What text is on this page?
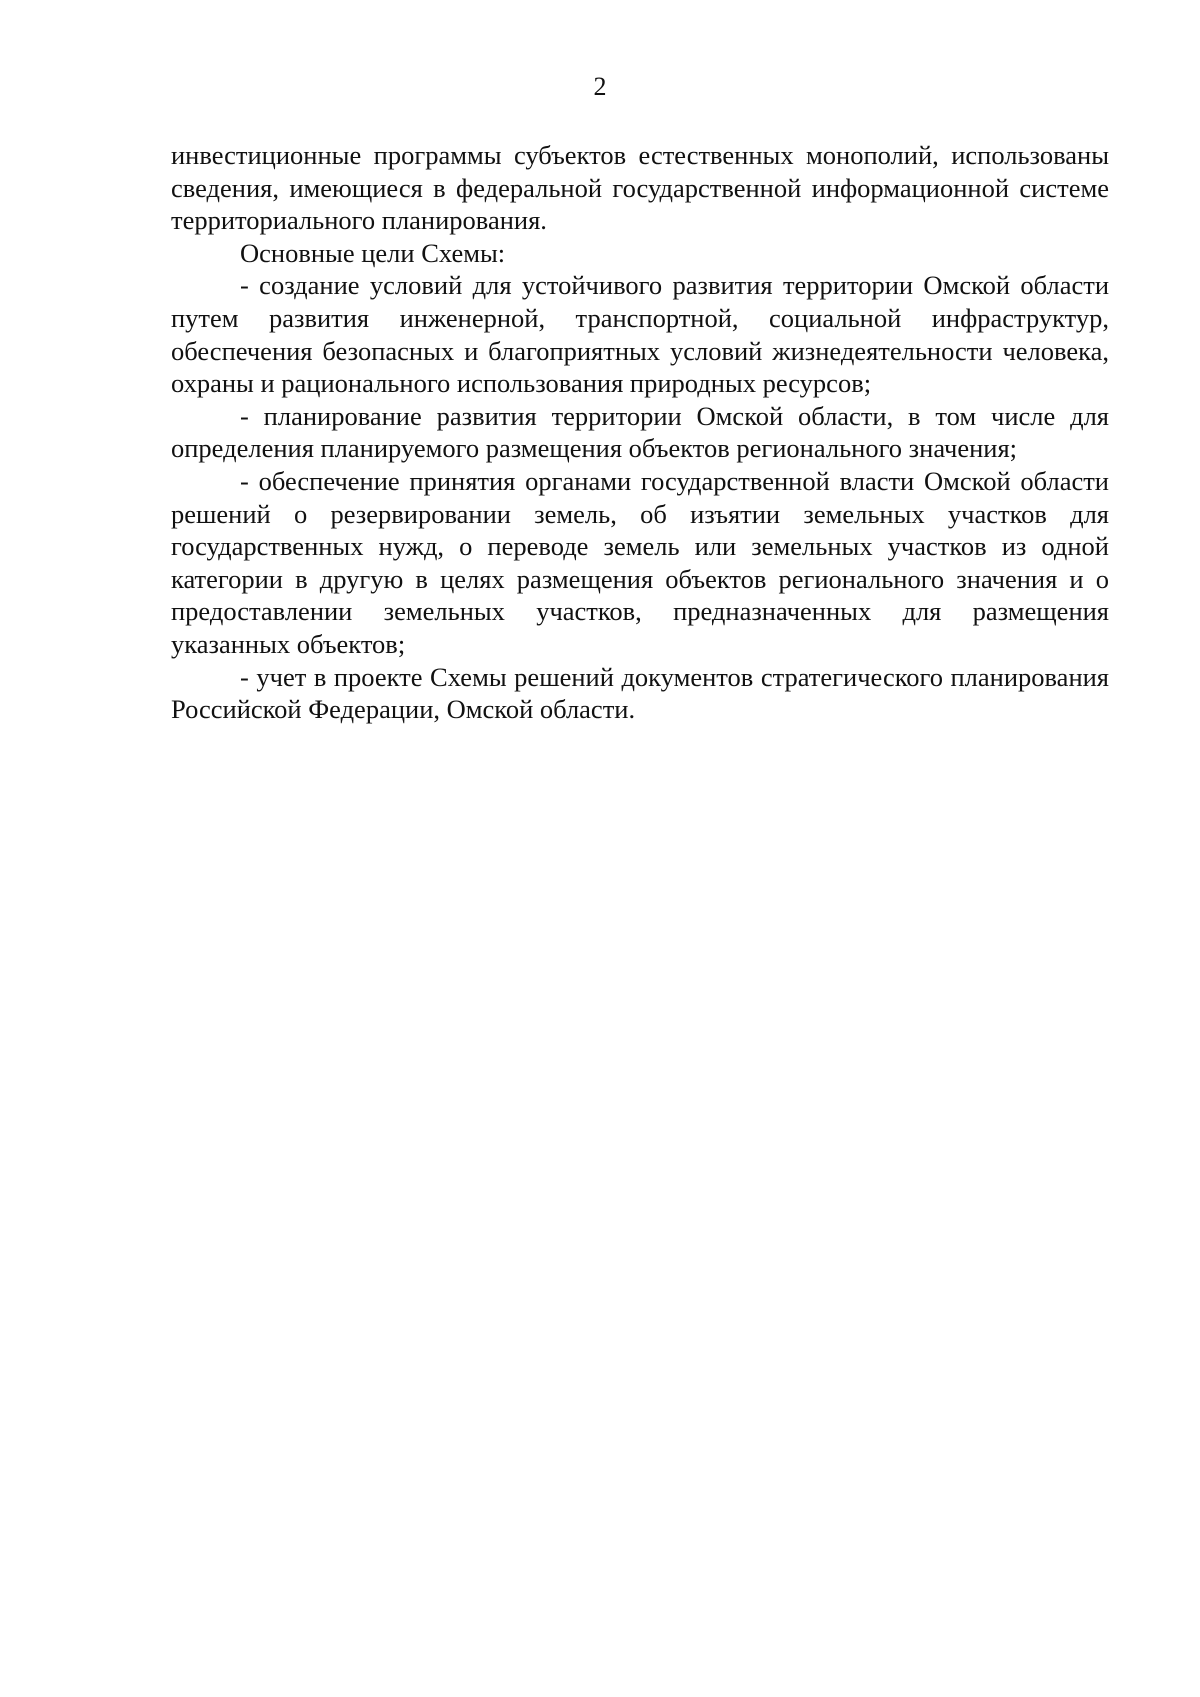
2

инвестиционные программы субъектов естественных монополий, использованы сведения, имеющиеся в федеральной государственной информационной системе территориального планирования.

Основные цели Схемы:

- создание условий для устойчивого развития территории Омской области путем развития инженерной, транспортной, социальной инфраструктур, обеспечения безопасных и благоприятных условий жизнедеятельности человека, охраны и рационального использования природных ресурсов;

- планирование развития территории Омской области, в том числе для определения планируемого размещения объектов регионального значения;

- обеспечение принятия органами государственной власти Омской области решений о резервировании земель, об изъятии земельных участков для государственных нужд, о переводе земель или земельных участков из одной категории в другую в целях размещения объектов регионального значения и о предоставлении земельных участков, предназначенных для размещения указанных объектов;

- учет в проекте Схемы решений документов стратегического планирования Российской Федерации, Омской области.
